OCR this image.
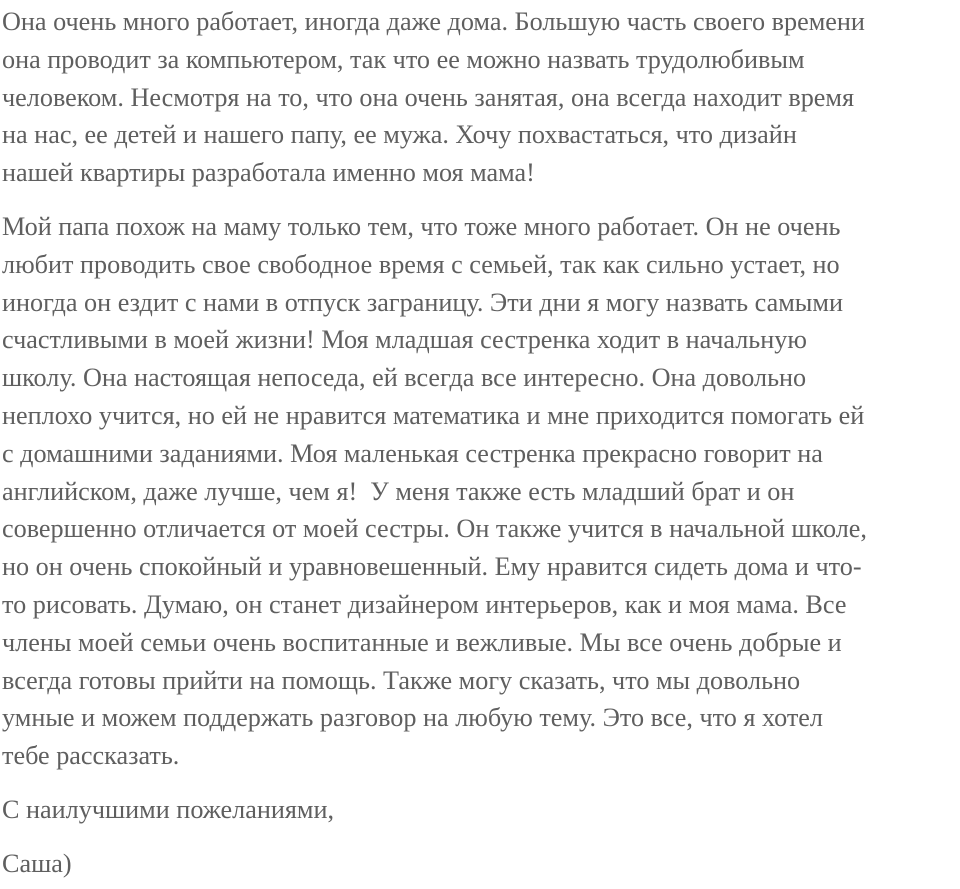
Она очень много работает, иногда даже дома. Большую часть своего времени
она проводит за компьютером, так что ее можно назвать трудолюбивым
человеком. Несмотря на то, что она очень занятая, она всегда находит время
на нас, ее детей и нашего папу, ее мужа. Хочу похвастаться, что дизайн
нашей квартиры разработала именно моя мама!
Мой папа похож на маму только тем, что тоже много работает. Он не очень
любит проводить свое свободное время с семьей, так как сильно устает, но
иногда он ездит с нами в отпуск заграницу. Эти дни я могу назвать самыми
счастливыми в моей жизни! Моя младшая сестренка ходит в начальную
школу. Она настоящая непоседа, ей всегда все интересно. Она довольно
неплохо учится, но ей не нравится математика и мне приходится помогать ей
с домашними заданиями. Моя маленькая сестренка прекрасно говорит на
английском, даже лучше, чем я!  У меня также есть младший брат и он
совершенно отличается от моей сестры. Он также учится в начальной школе,
но он очень спокойный и уравновешенный. Ему нравится сидеть дома и что-
то рисовать. Думаю, он станет дизайнером интерьеров, как и моя мама. Все
члены моей семьи очень воспитанные и вежливые. Мы все очень добрые и
всегда готовы прийти на помощь. Также могу сказать, что мы довольно
умные и можем поддержать разговор на любую тему. Это все, что я хотел
тебе рассказать.
С наилучшими пожеланиями,
Саша)
